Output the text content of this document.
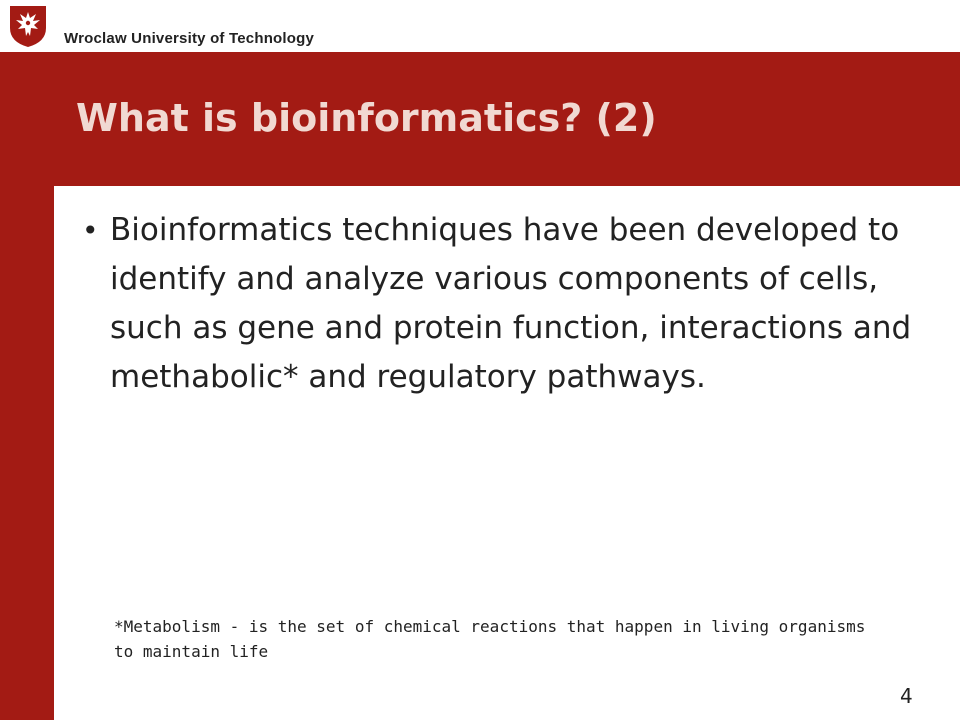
Wroclaw University of Technology
What is bioinformatics? (2)
• Bioinformatics techniques have been developed to identify and analyze various components of cells, such as gene and protein function, interactions and methabolic* and regulatory pathways.

*Metabolism - is the set of chemical reactions that happen in living organisms to maintain life

4
